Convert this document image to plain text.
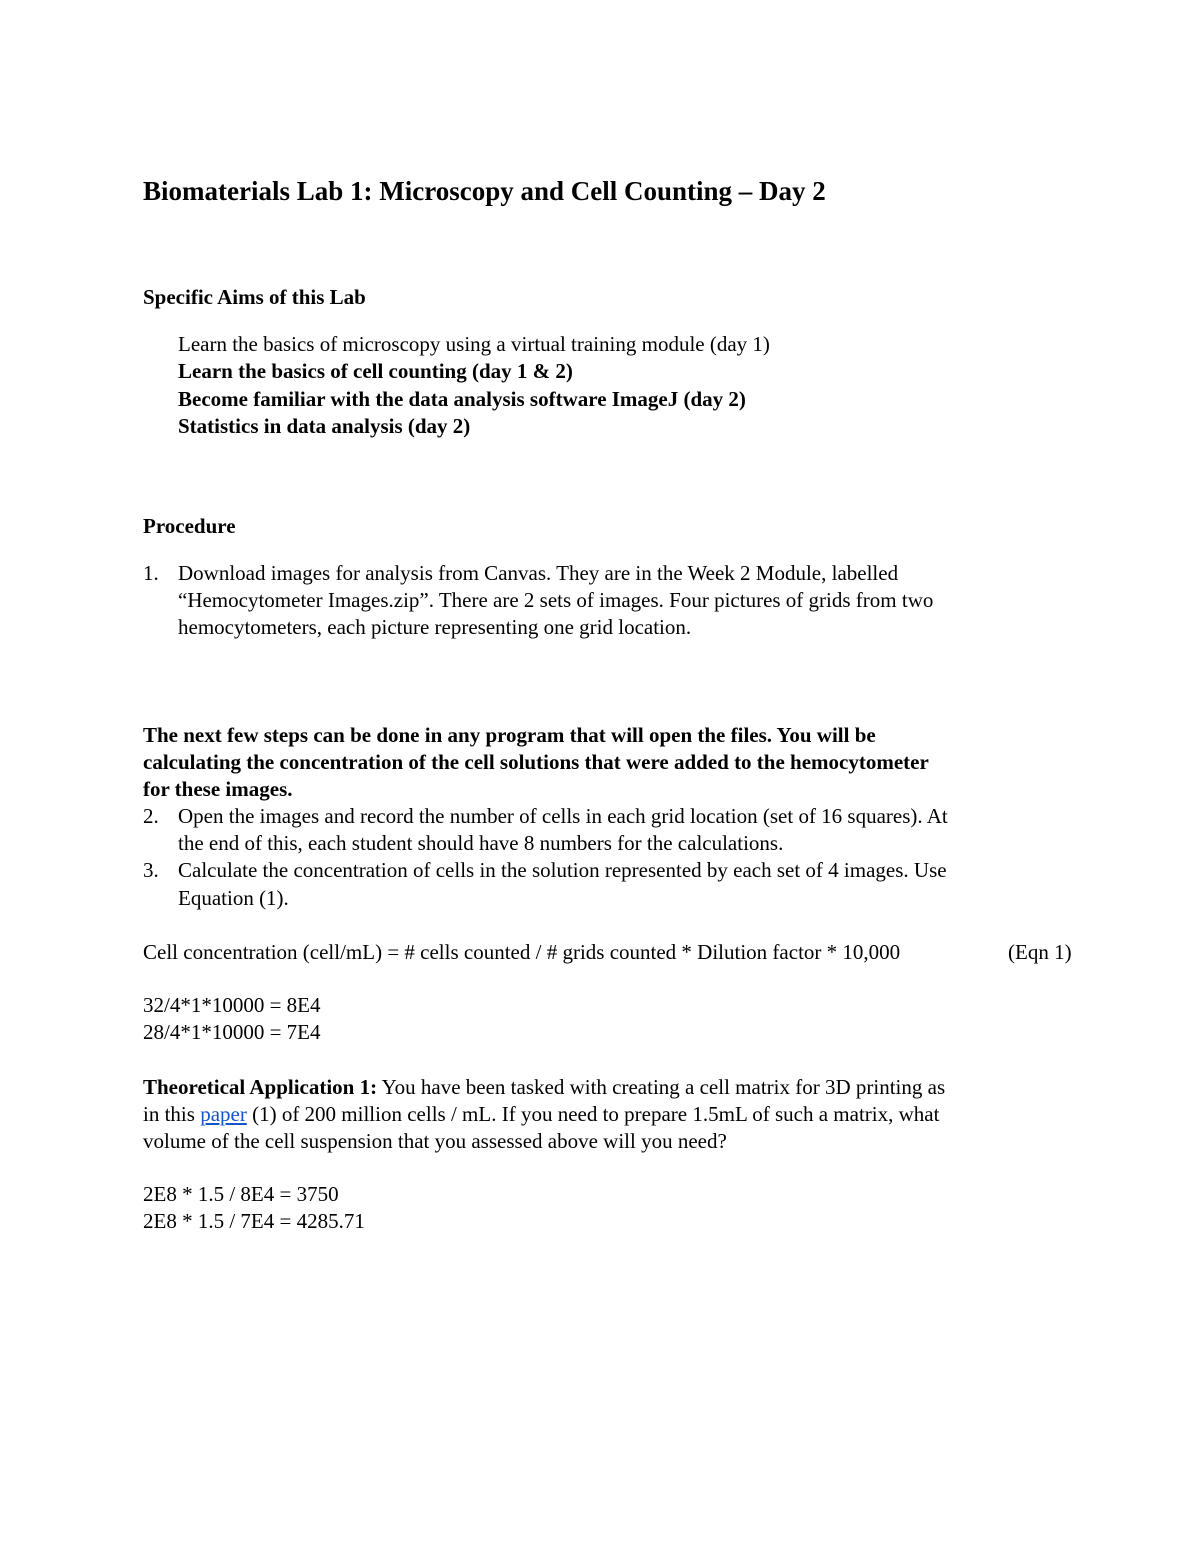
Biomaterials Lab 1: Microscopy and Cell Counting – Day 2
Specific Aims of this Lab
Learn the basics of microscopy using a virtual training module (day 1)
Learn the basics of cell counting (day 1 & 2)
Become familiar with the data analysis software ImageJ (day 2)
Statistics in data analysis (day 2)
Procedure
1. Download images for analysis from Canvas. They are in the Week 2 Module, labelled
“Hemocytometer Images.zip”. There are 2 sets of images. Four pictures of grids from two
hemocytometers, each picture representing one grid location.
The next few steps can be done in any program that will open the files. You will be
calculating the concentration of the cell solutions that were added to the hemocytometer
for these images.
2. Open the images and record the number of cells in each grid location (set of 16 squares). At
the end of this, each student should have 8 numbers for the calculations.
3. Calculate the concentration of cells in the solution represented by each set of 4 images. Use
Equation (1).
Cell concentration (cell/mL) = # cells counted / # grids counted * Dilution factor * 10,000	(Eqn 1)
32/4*1*10000 = 8E4
28/4*1*10000 = 7E4
Theoretical Application 1: You have been tasked with creating a cell matrix for 3D printing as
in this paper (1) of 200 million cells / mL. If you need to prepare 1.5mL of such a matrix, what
volume of the cell suspension that you assessed above will you need?
2E8 * 1.5 / 8E4 = 3750
2E8 * 1.5 / 7E4 = 4285.71
